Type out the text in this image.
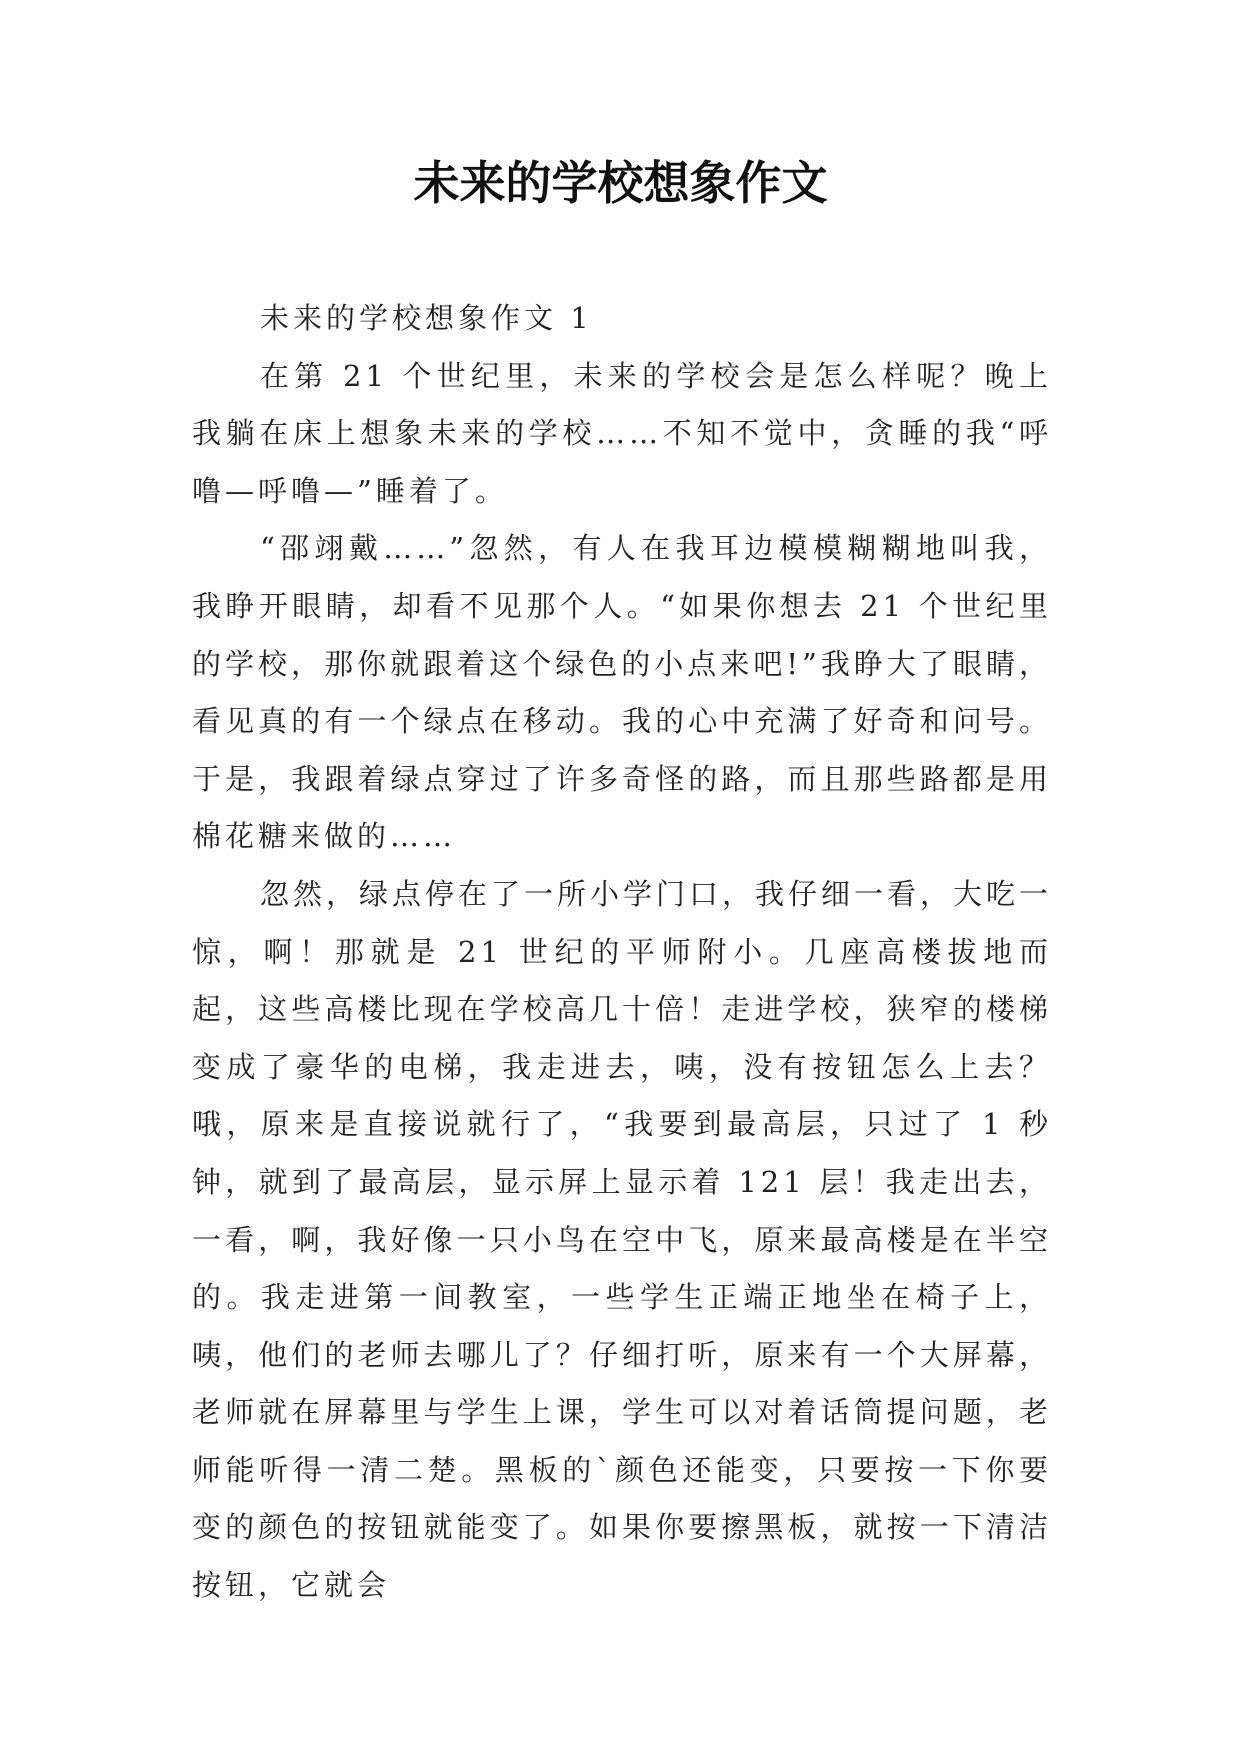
未来的学校想象作文

未来的学校想象作文 1

在第 21 个世纪里，未来的学校会是怎么样呢？晚上我躺在床上想象未来的学校……不知不觉中，贪睡的我“呼噜—呼噜—”睡着了。

“邵翊戴……”忽然，有人在我耳边模模糊糊地叫我，我睁开眼睛，却看不见那个人。“如果你想去 21 个世纪里的学校，那你就跟着这个绿色的小点来吧!”我睁大了眼睛，看见真的有一个绿点在移动。我的心中充满了好奇和问号。于是，我跟着绿点穿过了许多奇怪的路，而且那些路都是用棉花糖来做的……

忽然，绿点停在了一所小学门口，我仔细一看，大吃一惊，啊！那就是 21 世纪的平师附小。几座高楼拔地而起，这些高楼比现在学校高几十倍！走进学校，狭窄的楼梯变成了豪华的电梯，我走进去，咦，没有按钮怎么上去？哦，原来是直接说就行了，“我要到最高层，只过了 1 秒钟，就到了最高层，显示屏上显示着 121 层！我走出去，一看，啊，我好像一只小鸟在空中飞，原来最高楼是在半空的。我走进第一间教室，一些学生正端正地坐在椅子上，咦，他们的老师去哪儿了？仔细打听，原来有一个大屏幕，老师就在屏幕里与学生上课，学生可以对着话筒提问题，老师能听得一清二楚。黑板的`颜色还能变，只要按一下你要变的颜色的按钮就能变了。如果你要擦黑板，就按一下清洁按钮，它就会
